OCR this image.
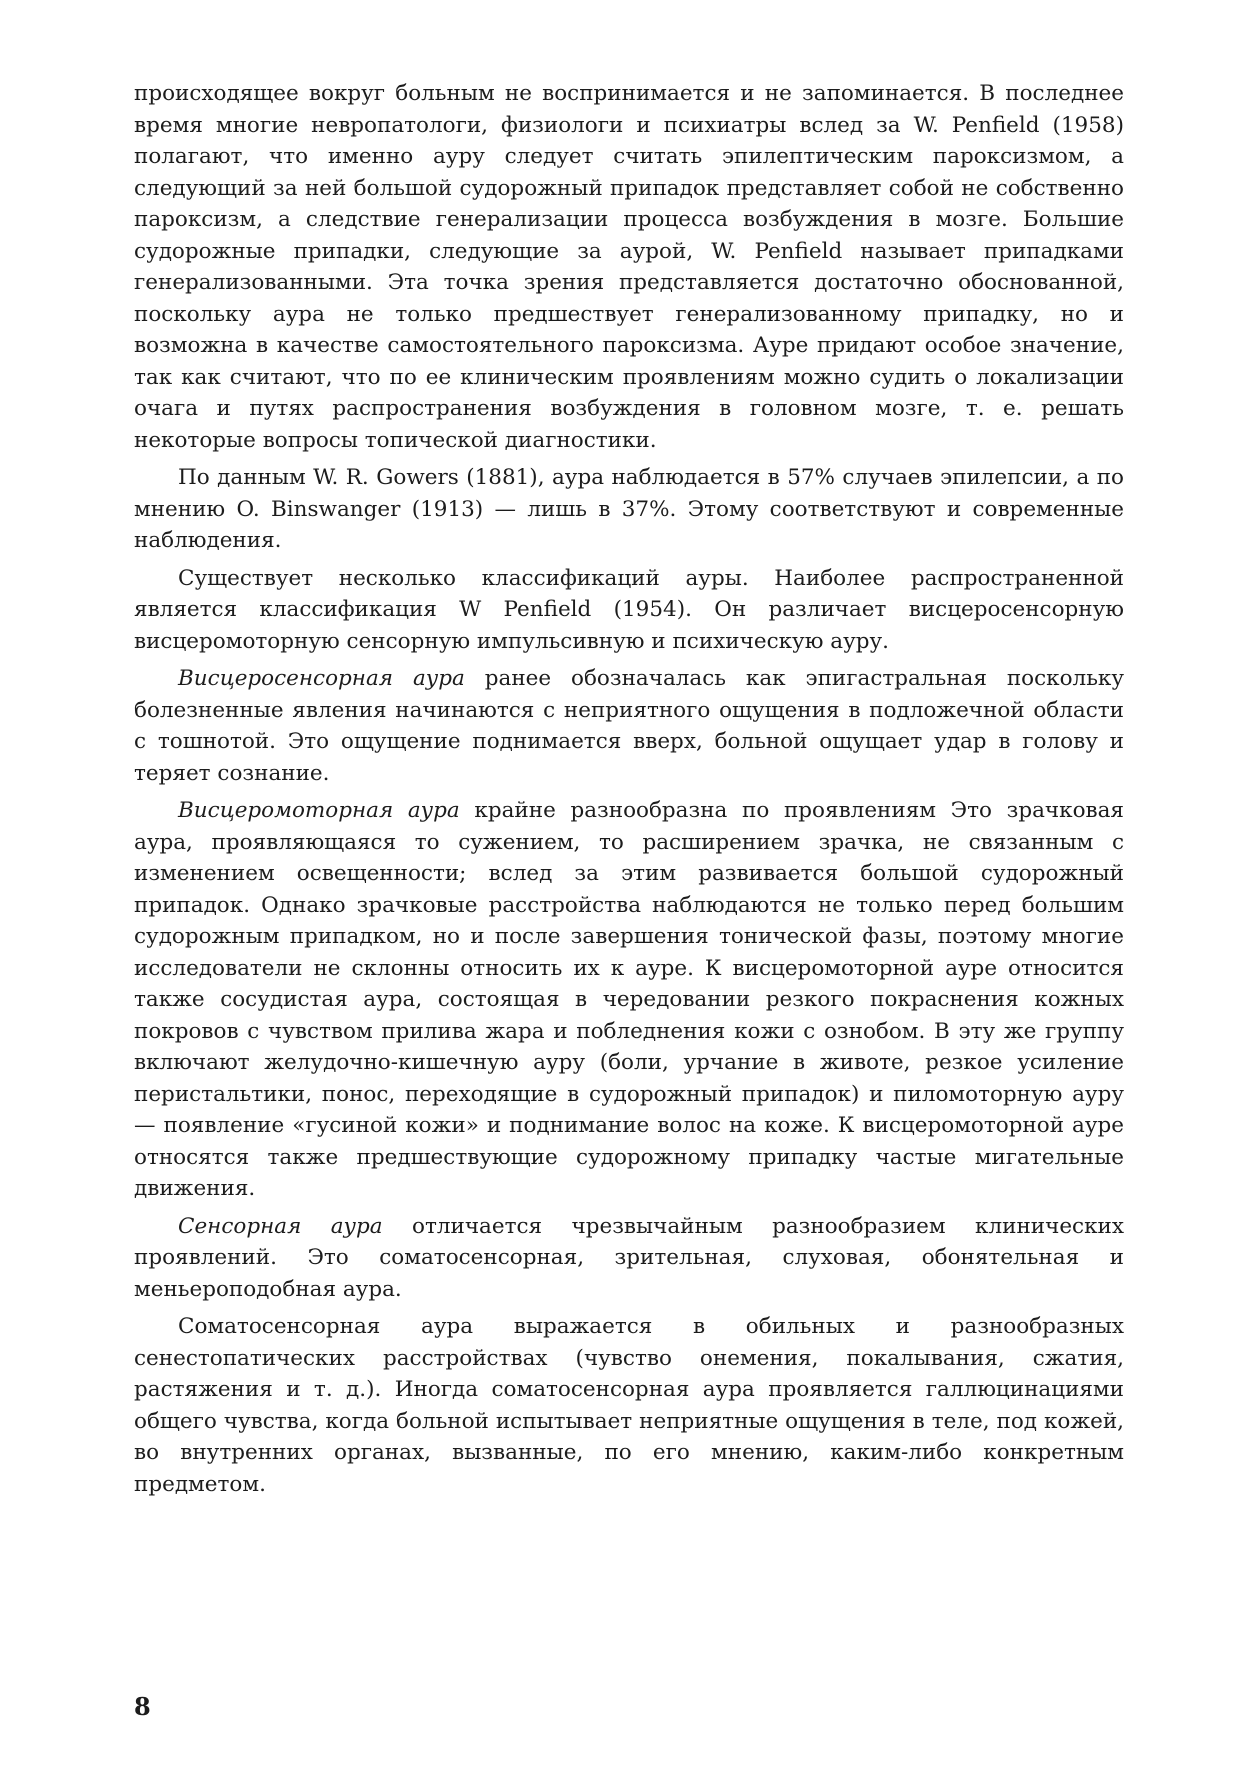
происходящее вокруг больным не воспринимается и не запоминается. В последнее время многие невропатологи, физиологи и психиатры вслед за W. Penfield (1958) полагают, что именно ауру следует считать эпилептическим пароксизмом, а следующий за ней большой судорожный припадок представляет собой не собственно пароксизм, а следствие генерализации процесса возбуждения в мозге. Большие судорожные припадки, следующие за аурой, W. Penfield называет припадками генерализованными. Эта точка зрения представляется достаточно обоснованной, поскольку аура не только предшествует генерализованному припадку, но и возможна в качестве самостоятельного пароксизма. Ауре придают особое значение, так как считают, что по ее клиническим проявлениям можно судить о локализации очага и путях распространения возбуждения в головном мозге, т. е. решать некоторые вопросы топической диагностики.

По данным W. R. Gowers (1881), аура наблюдается в 57% случаев эпилепсии, а по мнению O. Binswanger (1913) — лишь в 37%. Этому соответствуют и современные наблюдения.

Существует несколько классификаций ауры. Наиболее распространенной является классификация W Penfield (1954). Он различает висцеросенсорную висцеромоторную сенсорную импульсивную и психическую ауру.

Висцеросенсорная аура ранее обозначалась как эпигастральная поскольку болезненные явления начинаются с неприятного ощущения в подложечной области с тошнотой. Это ощущение поднимается вверх, больной ощущает удар в голову и теряет сознание.

Висцеромоторная аура крайне разнообразна по проявлениям Это зрачковая аура, проявляющаяся то сужением, то расширением зрачка, не связанным с изменением освещенности; вслед за этим развивается большой судорожный припадок. Однако зрачковые расстройства наблюдаются не только перед большим судорожным припадком, но и после завершения тонической фазы, поэтому многие исследователи не склонны относить их к ауре. К висцеромоторной ауре относится также сосудистая аура, состоящая в чередовании резкого покраснения кожных покровов с чувством прилива жара и побледнения кожи с ознобом. В эту же группу включают желудочно-кишечную ауру (боли, урчание в животе, резкое усиление перистальтики, понос, переходящие в судорожный припадок) и пиломоторную ауру — появление «гусиной кожи» и поднимание волос на коже. К висцеромоторной ауре относятся также предшествующие судорожному припадку частые мигательные движения.

Сенсорная аура отличается чрезвычайным разнообразием клинических проявлений. Это соматосенсорная, зрительная, слуховая, обонятельная и меньероподобная аура.

Соматосенсорная аура выражается в обильных и разнообразных сенестопатических расстройствах (чувство онемения, покалывания, сжатия, растяжения и т. д.). Иногда соматосенсорная аура проявляется галлюцинациями общего чувства, когда больной испытывает неприятные ощущения в теле, под кожей, во внутренних органах, вызванные, по его мнению, каким-либо конкретным предметом.

8
